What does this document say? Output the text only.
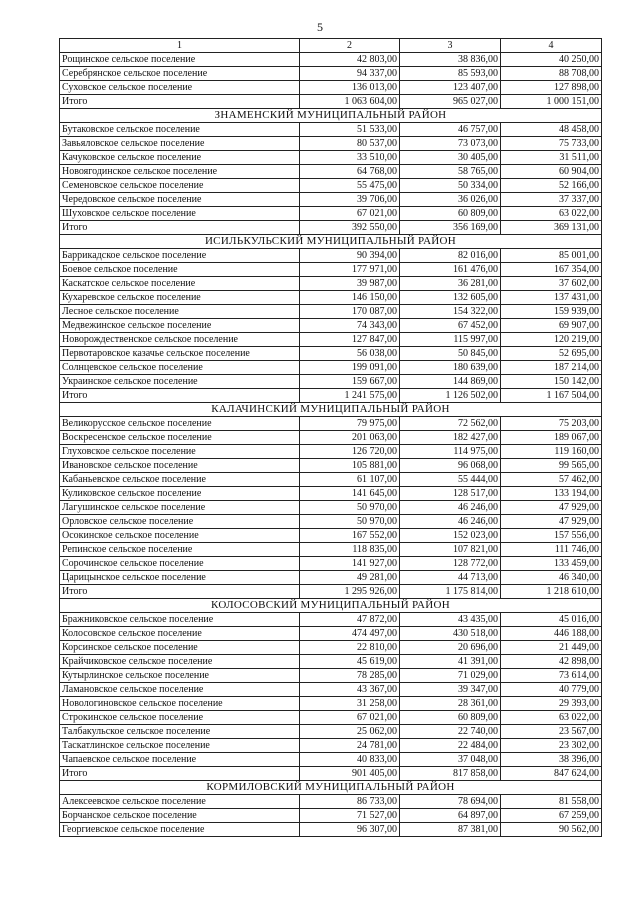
5
1	2	3	4
Рощинское сельское поселение	42 803,00	38 836,00	40 250,00
Серебрянское сельское поселение	94 337,00	85 593,00	88 708,00
Суховское сельское поселение	136 013,00	123 407,00	127 898,00
Итого	1 063 604,00	965 027,00	1 000 151,00
ЗНАМЕНСКИЙ МУНИЦИПАЛЬНЫЙ РАЙОН			
Бутаковское сельское поселение	51 533,00	46 757,00	48 458,00
Завьяловское сельское поселение	80 537,00	73 073,00	75 733,00
Качуковское сельское поселение	33 510,00	30 405,00	31 511,00
Новоягодинское сельское поселение	64 768,00	58 765,00	60 904,00
Семеновское сельское поселение	55 475,00	50 334,00	52 166,00
Чередовское сельское поселение	39 706,00	36 026,00	37 337,00
Шуховское сельское поселение	67 021,00	60 809,00	63 022,00
Итого	392 550,00	356 169,00	369 131,00
ИСИЛЬКУЛЬСКИЙ МУНИЦИПАЛЬНЫЙ РАЙОН			
Баррикадское сельское поселение	90 394,00	82 016,00	85 001,00
Боевое сельское поселение	177 971,00	161 476,00	167 354,00
Каскатское сельское поселение	39 987,00	36 281,00	37 602,00
Кухаревское сельское поселение	146 150,00	132 605,00	137 431,00
Лесное сельское поселение	170 087,00	154 322,00	159 939,00
Медвежинское сельское поселение	74 343,00	67 452,00	69 907,00
Новорождественское сельское поселение	127 847,00	115 997,00	120 219,00
Первотаровское казачье сельское поселение	56 038,00	50 845,00	52 695,00
Солнцевское сельское поселение	199 091,00	180 639,00	187 214,00
Украинское сельское поселение	159 667,00	144 869,00	150 142,00
Итого	1 241 575,00	1 126 502,00	1 167 504,00
КАЛАЧИНСКИЙ МУНИЦИПАЛЬНЫЙ РАЙОН			
Великорусское сельское поселение	79 975,00	72 562,00	75 203,00
Воскресенское сельское поселение	201 063,00	182 427,00	189 067,00
Глуховское сельское поселение	126 720,00	114 975,00	119 160,00
Ивановское сельское поселение	105 881,00	96 068,00	99 565,00
Кабаньевское сельское поселение	61 107,00	55 444,00	57 462,00
Куликовское сельское поселение	141 645,00	128 517,00	133 194,00
Лагушинское сельское поселение	50 970,00	46 246,00	47 929,00
Орловское сельское поселение	50 970,00	46 246,00	47 929,00
Осокинское сельское поселение	167 552,00	152 023,00	157 556,00
Репинское сельское поселение	118 835,00	107 821,00	111 746,00
Сорочинское сельское поселение	141 927,00	128 772,00	133 459,00
Царицынское сельское поселение	49 281,00	44 713,00	46 340,00
Итого	1 295 926,00	1 175 814,00	1 218 610,00
КОЛОСОВСКИЙ МУНИЦИПАЛЬНЫЙ РАЙОН			
Бражниковское сельское поселение	47 872,00	43 435,00	45 016,00
Колосовское сельское поселение	474 497,00	430 518,00	446 188,00
Корсинское сельское поселение	22 810,00	20 696,00	21 449,00
Крайчиковское сельское поселение	45 619,00	41 391,00	42 898,00
Кутырлинское сельское поселение	78 285,00	71 029,00	73 614,00
Ламановское сельское поселение	43 367,00	39 347,00	40 779,00
Новологиновское сельское поселение	31 258,00	28 361,00	29 393,00
Строкинское сельское поселение	67 021,00	60 809,00	63 022,00
Талбакульское сельское поселение	25 062,00	22 740,00	23 567,00
Таскатлинское сельское поселение	24 781,00	22 484,00	23 302,00
Чапаевское сельское поселение	40 833,00	37 048,00	38 396,00
Итого	901 405,00	817 858,00	847 624,00
КОРМИЛОВСКИЙ МУНИЦИПАЛЬНЫЙ РАЙОН			
Алексеевское сельское поселение	86 733,00	78 694,00	81 558,00
Борчанское сельское поселение	71 527,00	64 897,00	67 259,00
Георгиевское сельское поселение	96 307,00	87 381,00	90 562,00
